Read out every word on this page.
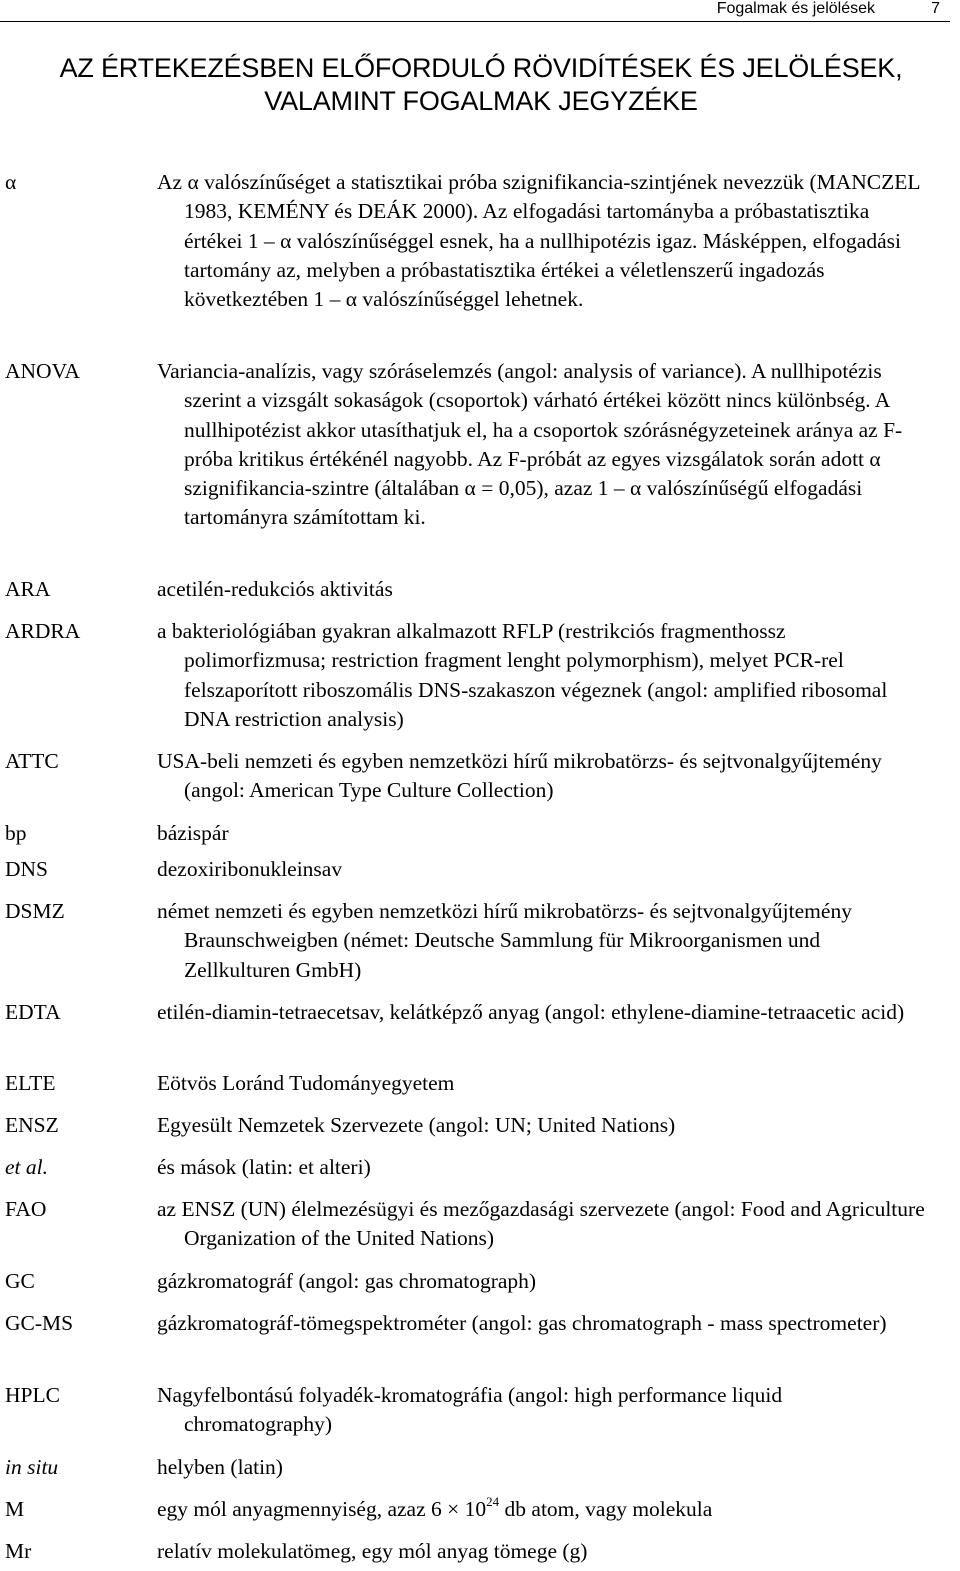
Fogalmak és jelölések	7
AZ ÉRTEKEZÉSBEN ELŐFORDULÓ RÖVIDÍTÉSEK ÉS JELÖLÉSEK,
VALAMINT FOGALMAK JEGYZÉKE
α	Az α valószínűséget a statisztikai próba szignifikancia-szintjének nevezzük (MANCZEL 1983, KEMÉNY és DEÁK 2000). Az elfogadási tartományba a próbastatisztika értékei 1 – α valószínűséggel esnek, ha a nullhipotézis igaz. Másképpen, elfogadási tartomány az, melyben a próbastatisztika értékei a véletlenszerű ingadozás következtében 1 – α valószínűséggel lehetnek.
ANOVA	Variancia-analízis, vagy szóráselemzés (angol: analysis of variance). A nullhipotézis szerint a vizsgált sokaságok (csoportok) várható értékei között nincs különbség. A nullhipotézist akkor utasíthatjuk el, ha a csoportok szórásnégyzeteinek aránya az F-próba kritikus értékénél nagyobb. Az F-próbát az egyes vizsgálatok során adott α szignifikancia-szintre (általában α = 0,05), azaz 1 – α valószínűségű elfogadási tartományra számítottam ki.
ARA	acetilén-redukciós aktivitás
ARDRA	a bakteriológiában gyakran alkalmazott RFLP (restrikciós fragmenthossz polimorfizmusa; restriction fragment lenght polymorphism), melyet PCR-rel felszaporított riboszomális DNS-szakaszon végeznek (angol: amplified ribosomal DNA restriction analysis)
ATTC	USA-beli nemzeti és egyben nemzetközi hírű mikrobatörzs- és sejtvonalgyűjtemény (angol: American Type Culture Collection)
bp	bázispár
DNS	dezoxiribonukleinsav
DSMZ	német nemzeti és egyben nemzetközi hírű mikrobatörzs- és sejtvonalgyűjtemény Braunschweigben (német: Deutsche Sammlung für Mikroorganismen und Zellkulturen GmbH)
EDTA	etilén-diamin-tetraecetsav, kelátképző anyag (angol: ethylene-diamine-tetraacetic acid)
ELTE	Eötvös Loránd Tudományegyetem
ENSZ	Egyesült Nemzetek Szervezete (angol: UN; United Nations)
et al.	és mások (latin: et alteri)
FAO	az ENSZ (UN) élelmezésügyi és mezőgazdasági szervezete (angol: Food and Agriculture Organization of the United Nations)
GC	gázkromatográf (angol: gas chromatograph)
GC-MS	gázkromatográf-tömegspektrométer (angol: gas chromatograph - mass spectrometer)
HPLC	Nagyfelbontású folyadék-kromatográfia (angol: high performance liquid chromatography)
in situ	helyben (latin)
M	egy mól anyagmennyiség, azaz $6 \times 10^{24}$ db atom, vagy molekula
Mr	relatív molekulatömeg, egy mól anyag tömege (g)
